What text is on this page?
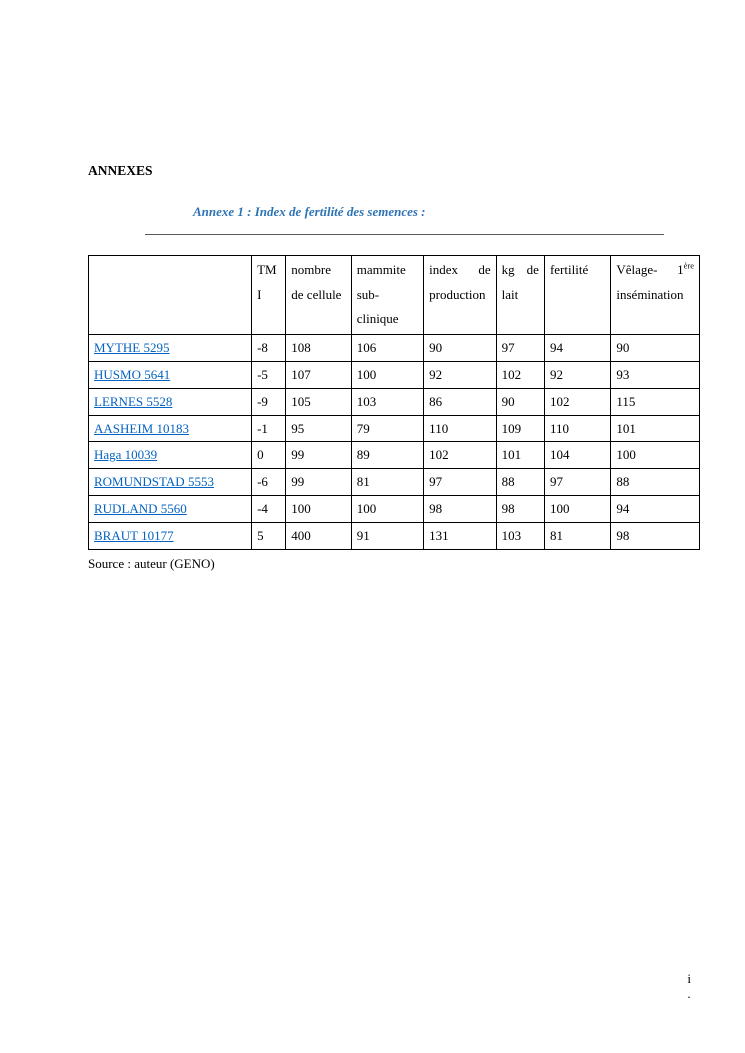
ANNEXES
Annexe 1 : Index de fertilité des semences :
	TMI	nombre de cellule	mammite sub-clinique	index de production	kg de lait	fertilité	Vêlage- 1ère insémination
MYTHE 5295	-8	108	106	90	97	94	90
HUSMO 5641	-5	107	100	92	102	92	93
LERNES 5528	-9	105	103	86	90	102	115
AASHEIM 10183	-1	95	79	110	109	110	101
Haga 10039	0	99	89	102	101	104	100
ROMUNDSTAD 5553	-6	99	81	97	88	97	88
RUDLAND 5560	-4	100	100	98	98	100	94
BRAUT 10177	5	400	91	131	103	81	98
Source : auteur (GENO)
i
.
